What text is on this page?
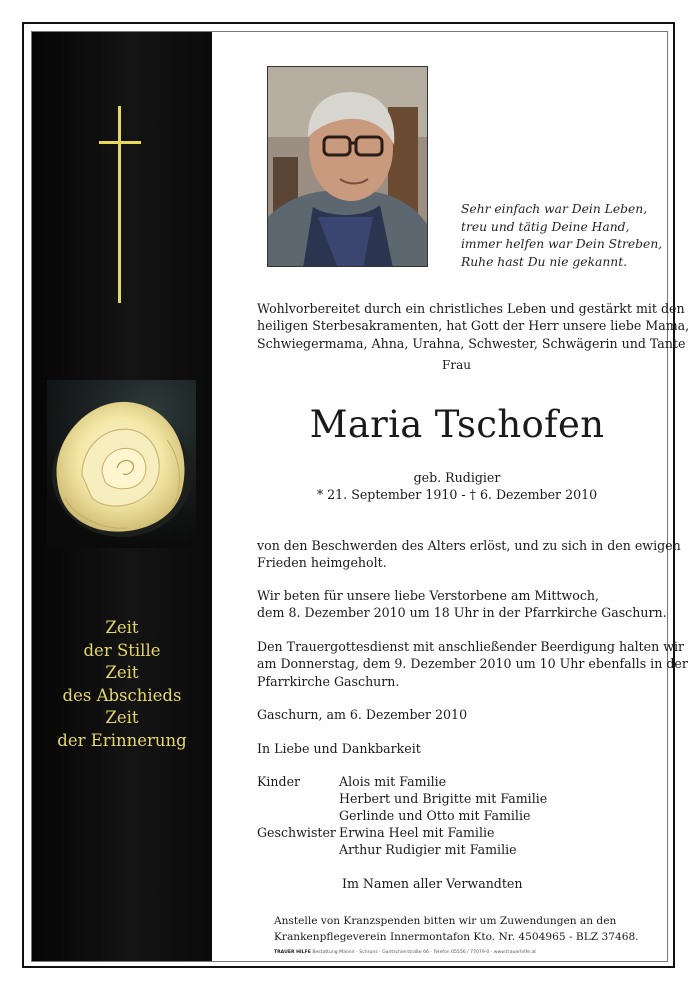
Zeit
der Stille
Zeit
des Abschieds
Zeit
der Erinnerung
Sehr einfach war Dein Leben,
treu und tätig Deine Hand,
immer helfen war Dein Streben,
Ruhe hast Du nie gekannt.
Wohlvorbereitet durch ein christliches Leben und gestärkt mit den
heiligen Sterbesakramenten, hat Gott der Herr unsere liebe Mama,
Schwiegermama, Ahna, Urahna, Schwester, Schwägerin und Tante
Frau
Maria Tschofen
geb. Rudigier
* 21. September 1910 - † 6. Dezember 2010
von den Beschwerden des Alters erlöst, und zu sich in den ewigen
Frieden heimgeholt.
Wir beten für unsere liebe Verstorbene am Mittwoch,
dem 8. Dezember 2010 um 18 Uhr in der Pfarrkirche Gaschurn.
Den Trauergottesdienst mit anschließender Beerdigung halten wir
am Donnerstag, dem 9. Dezember 2010 um 10 Uhr ebenfalls in der
Pfarrkirche Gaschurn.
Gaschurn, am 6. Dezember 2010
In Liebe und Dankbarkeit
Kinder	Alois mit Familie
Herbert und Brigitte mit Familie
Gerlinde und Otto mit Familie
Geschwister Erwina Heel mit Familie
Arthur Rudigier mit Familie
Im Namen aller Verwandten
Anstelle von Kranzspenden bitten wir um Zuwendungen an den
Krankenpflegeverein Innermontafon Kto. Nr. 4504965 - BLZ 37468.
TRAUER HILFE Bestattung Mannir · Schruns · Gantschierstraße 66 · Telefon 05556 / 77079-0 · www.trauerhilfe.at
